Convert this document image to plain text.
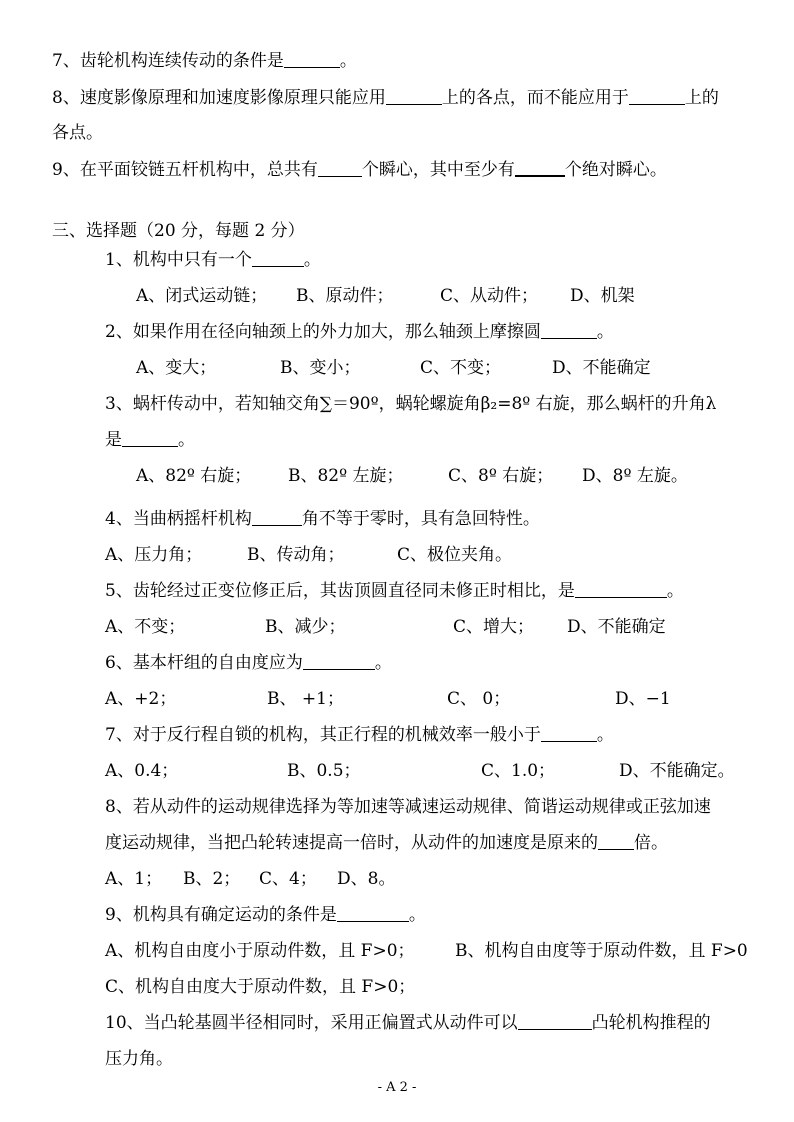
7、齿轮机构连续传动的条件是	。
8、速度影像原理和加速度影像原理只能应用	上的各点，而不能应用于	上的
各点。
9、在平面铰链五杆机构中，总共有	个瞬心，其中至少有	个绝对瞬心。
三、选择题（20 分，每题 2 分）
1、机构中只有一个	。
A、闭式运动链； B、原动件；	C、从动件； D、机架
2、如果作用在径向轴颈上的外力加大，那么轴颈上摩擦圆	。
A、变大；	B、变小；	C、不变；	D、不能确定
3、蜗杆传动中，若知轴交角∑＝90º，蜗轮螺旋角β₂=8º 右旋，那么蜗杆的升角λ
是	。
A、82º 右旋； B、82º 左旋；	C、8º 右旋； D、8º 左旋。
4、当曲柄摇杆机构	角不等于零时，具有急回特性。
A、压力角；	B、传动角；	C、极位夹角。
5、齿轮经过正变位修正后，其齿顶圆直径同未修正时相比，是	。
A、不变；	B、减少；	C、增大； D、不能确定
6、基本杆组的自由度应为	。
A、+2；	B、 +1；	C、 0；	D、−1
7、对于反行程自锁的机构，其正行程的机械效率一般小于	。
A、0.4；	B、0.5；	C、1.0；	D、不能确定。
8、若从动件的运动规律选择为等加速等减速运动规律、简谐运动规律或正弦加速
度运动规律，当把凸轮转速提高一倍时，从动件的加速度是原来的 倍。
A、1； B、2； C、4； D、8。
9、机构具有确定运动的条件是	。
A、机构自由度小于原动件数，且 F>0； B、机构自由度等于原动件数，且 F>0
C、机构自由度大于原动件数，且 F>0；
10、当凸轮基圆半径相同时，采用正偏置式从动件可以	凸轮机构推程的
压力角。
- A 2 -
